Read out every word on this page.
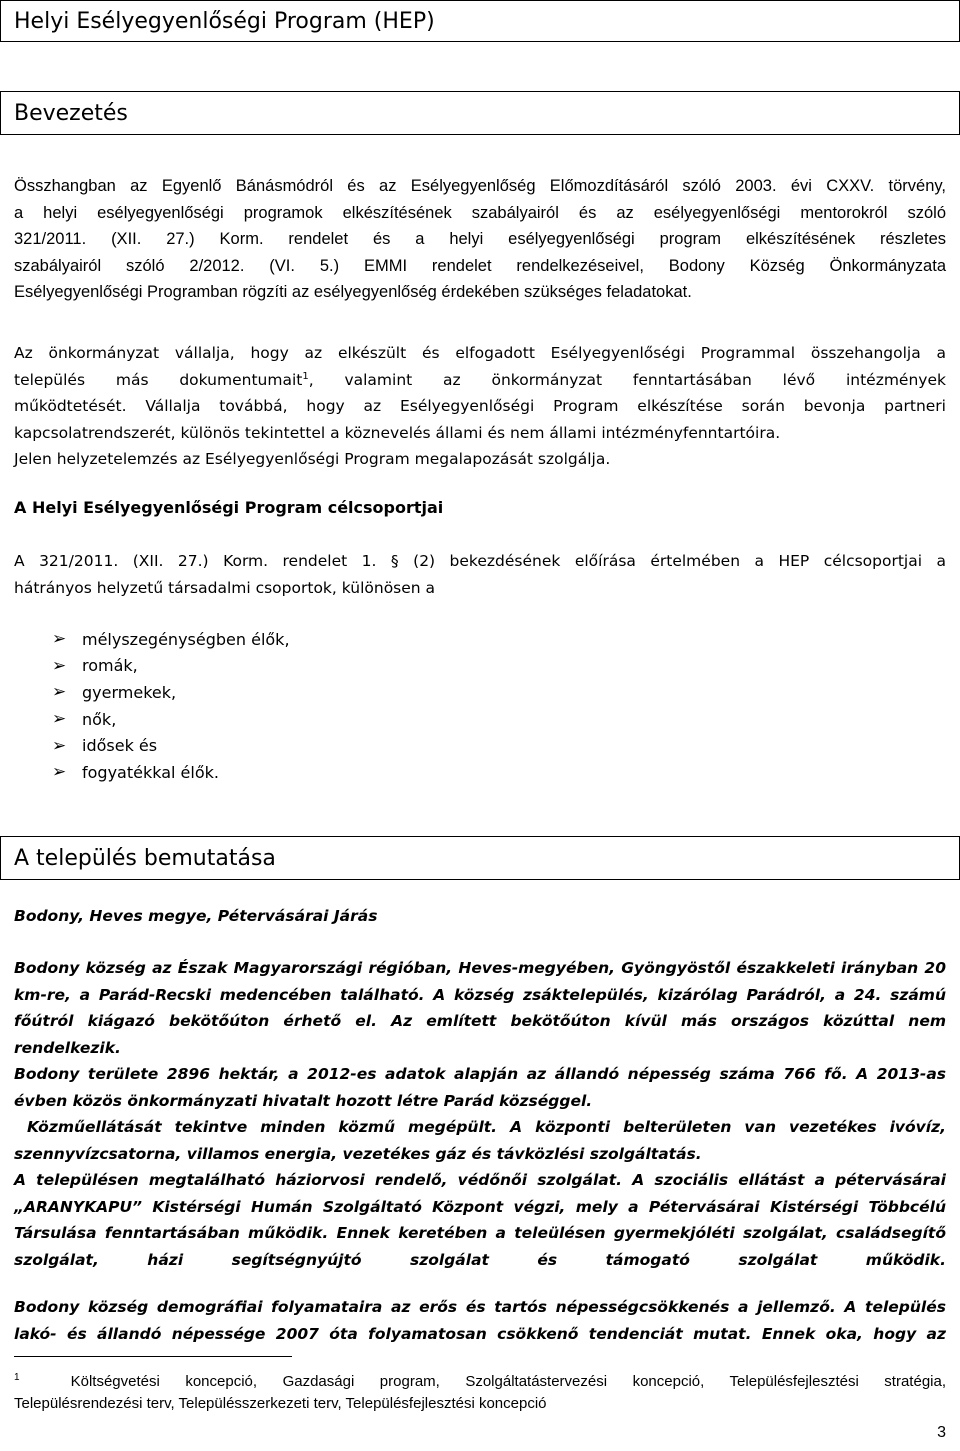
Helyi Esélyegyenlőségi Program (HEP)
Bevezetés

Összhangban az Egyenlő Bánásmódról és az Esélyegyenlőség Előmozdításáról szóló 2003. évi CXXV. törvény,
a helyi esélyegyenlőségi programok elkészítésének szabályairól és az esélyegyenlőségi mentorokról szóló
321/2011. (XII. 27.) Korm. rendelet és a helyi esélyegyenlőségi program elkészítésének részletes
szabályairól szóló 2/2012. (VI. 5.) EMMI rendelet rendelkezéseivel, Bodony Község Önkormányzata
Esélyegyenlőségi Programban rögzíti az esélyegyenlőség érdekében szükséges feladatokat.

Az önkormányzat vállalja, hogy az elkészült és elfogadott Esélyegyenlőségi Programmal összehangolja a
település más dokumentumait$^1$, valamint az önkormányzat fenntartásában lévő intézmények
működtetését. Vállalja továbbá, hogy az Esélyegyenlőségi Program elkészítése során bevonja partneri
kapcsolatrendszerét, különös tekintettel a köznevelés állami és nem állami intézményfenntartóira.
Jelen helyzetelemzés az Esélyegyenlőségi Program megalapozását szolgálja.

A Helyi Esélyegyenlőségi Program célcsoportjai

A 321/2011. (XII. 27.) Korm. rendelet 1. § (2) bekezdésének előírása értelmében a HEP célcsoportjai a
hátrányos helyzetű társadalmi csoportok, különösen a

➢ mélyszegénységben élők,
➢ romák,
➢ gyermekek,
➢ nők,
➢ idősek és
➢ fogyatékkal élők.
A település bemutatása
Bodony, Heves megye, Pétervásárai Járás

Bodony község az Észak Magyarországi régióban, Heves-megyében, Gyöngyöstől északkeleti irányban 20
km-re, a Parád-Recski medencében található. A község zsáktelepülés, kizárólag Parádról, a 24. számú
főútról kiágazó bekötőúton érhető el. Az említett bekötőúton kívül más országos közúttal nem
rendelkezik.
Bodony területe 2896 hektár, a 2012-es adatok alapján az állandó népesség száma 766 fő. A 2013-as
évben közös önkormányzati hivatalt hozott létre Parád községgel.
Közműellátását tekintve minden közmű megépült. A központi belterületen van vezetékes ivóvíz,
szennyvízcsatorna, villamos energia, vezetékes gáz és távközlési szolgáltatás.
A településen megtalálható háziorvosi rendelő, védőnői szolgálat. A szociális ellátást a pétervásárai
„ARANYKAPU” Kistérségi Humán Szolgáltató Központ végzi, mely a Pétervásárai Kistérségi Többcélú
Társulása fenntartásában működik. Ennek keretében a teleülésen gyermekjóléti szolgálat, családsegítő
szolgálat, házi segítségnyújtó szolgálat és támogató szolgálat működik.

Bodony község demográfiai folyamataira az erős és tartós népességcsökkenés a jellemző. A település
lakó- és állandó népessége 2007 óta folyamatosan csökkenő tendenciát mutat. Ennek oka, hogy az

$^1$	Költségvetési koncepció, Gazdasági program, Szolgáltatástervezési koncepció, Településfejlesztési stratégia,
Településrendezési terv, Településszerkezeti terv, Településfejlesztési koncepció

3
